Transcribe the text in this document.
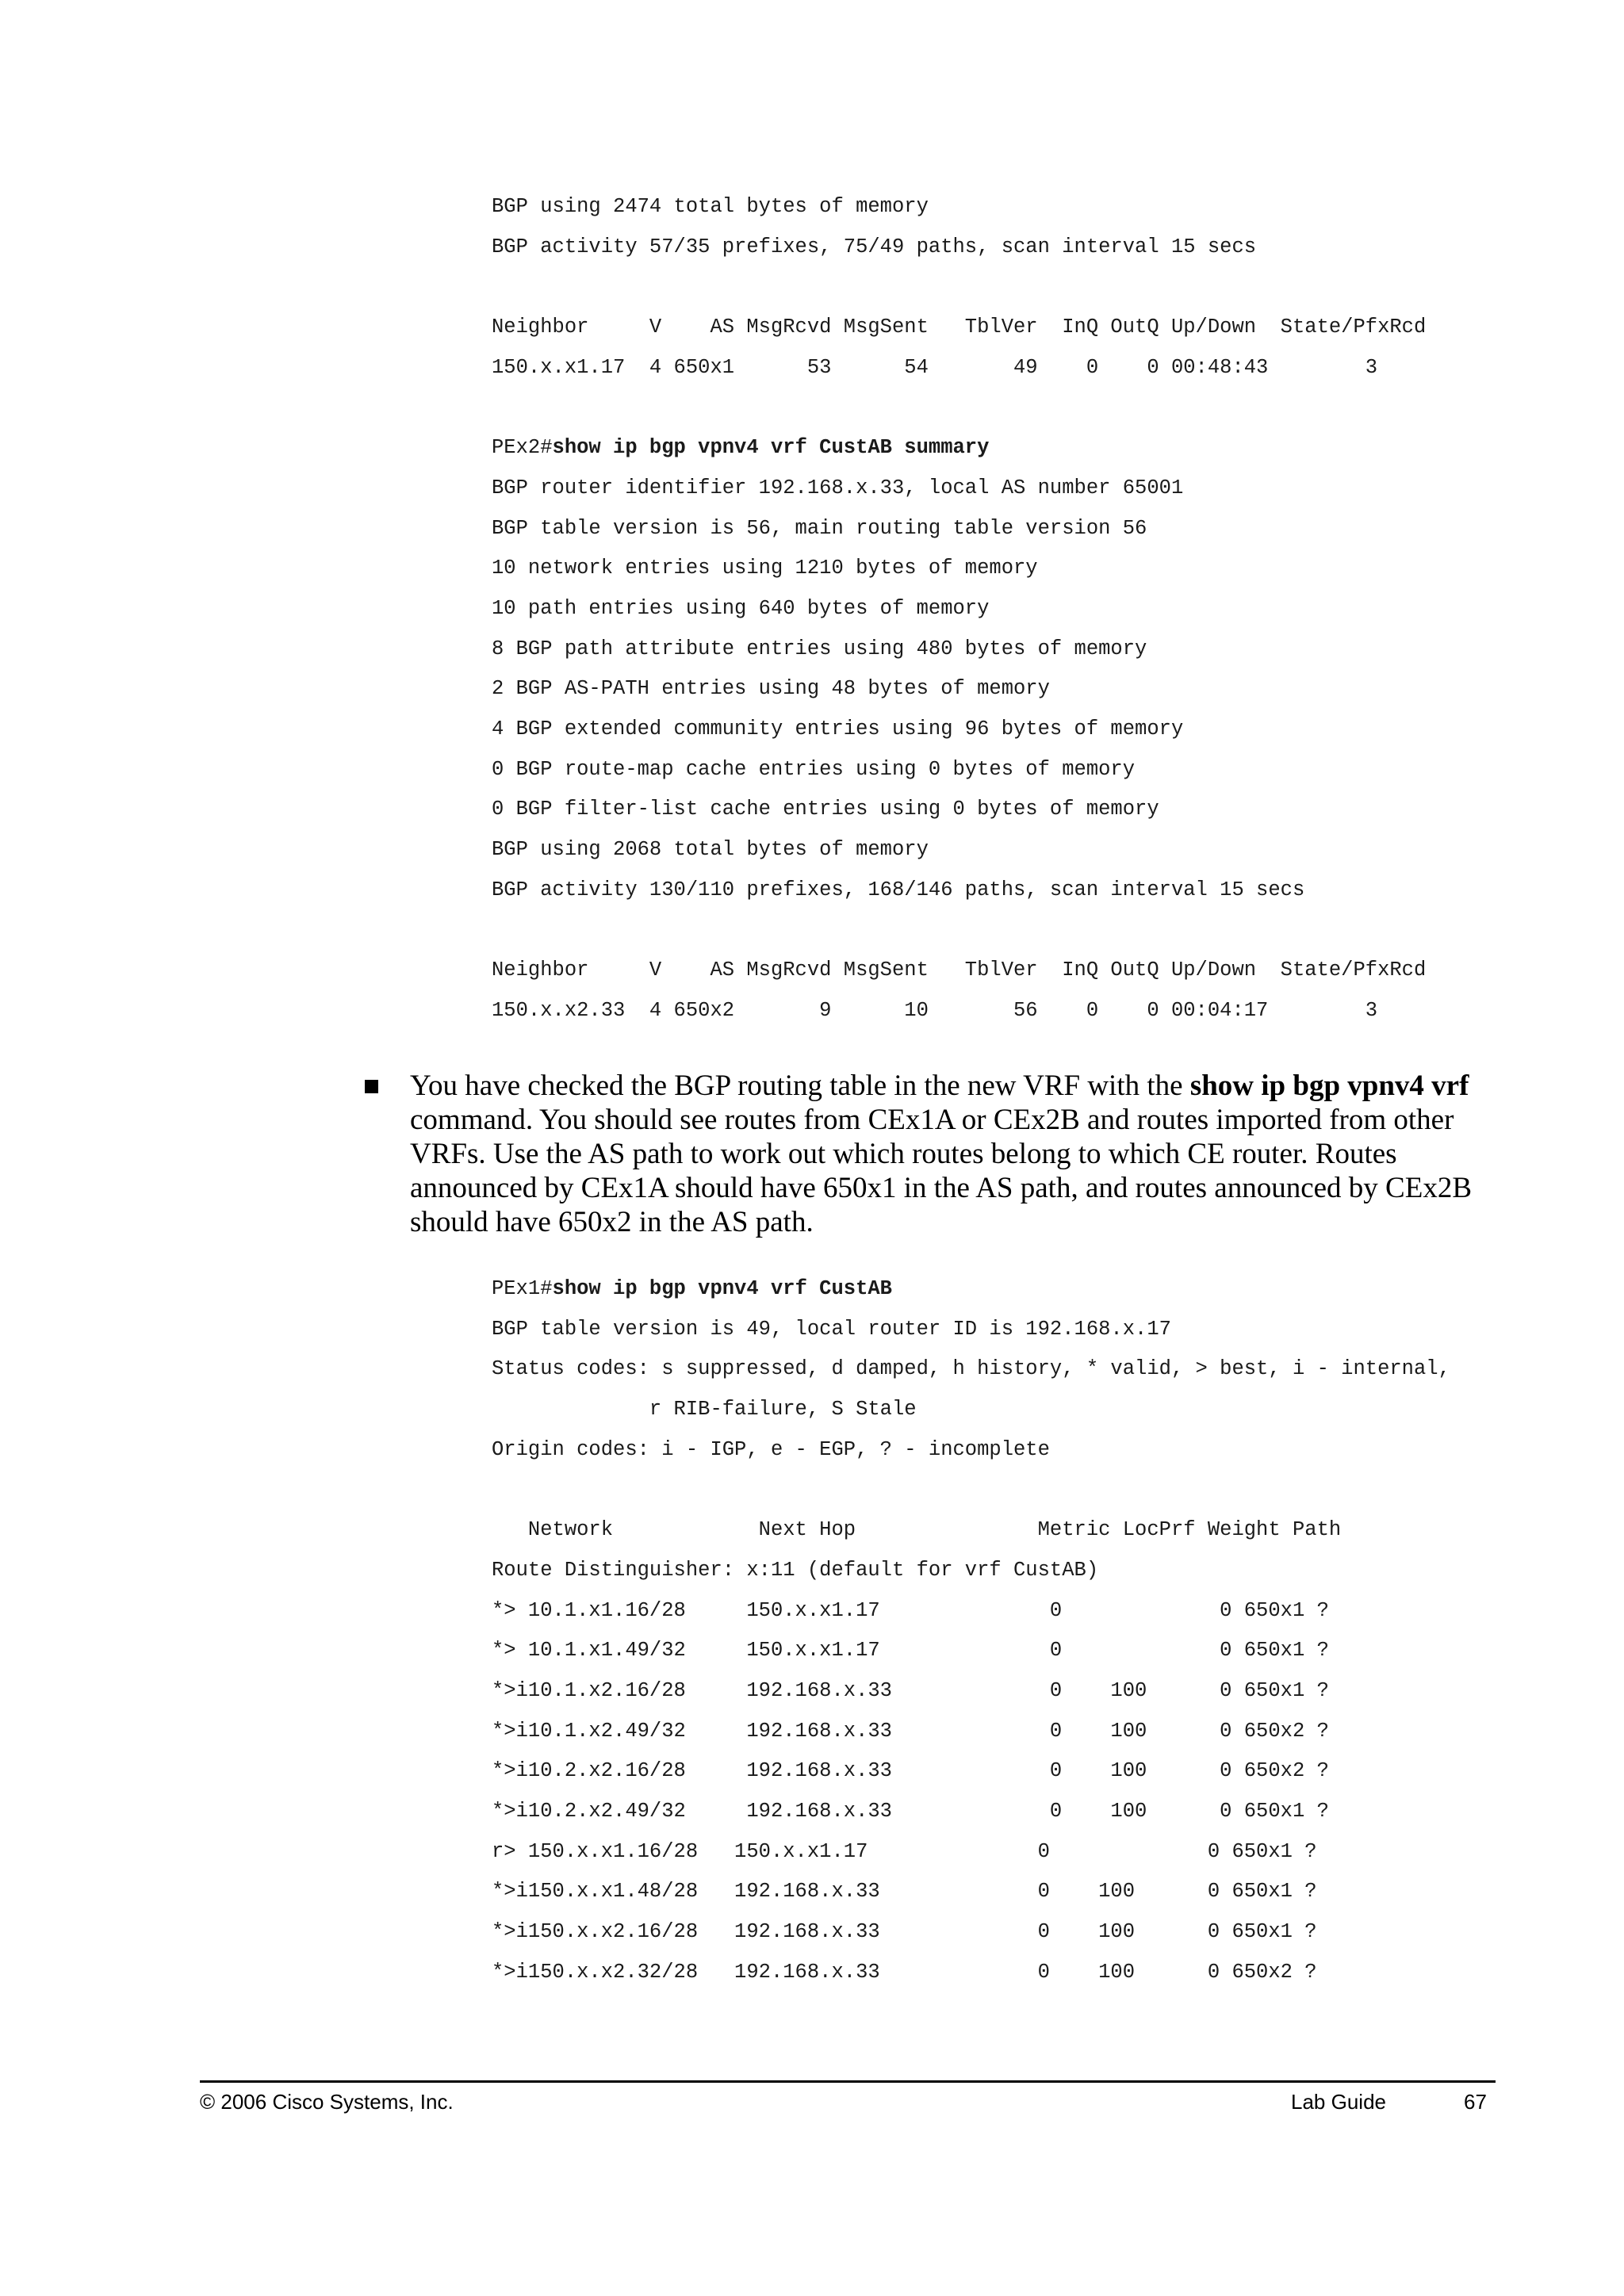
BGP using 2474 total bytes of memory
BGP activity 57/35 prefixes, 75/49 paths, scan interval 15 secs
Neighbor     V    AS MsgRcvd MsgSent   TblVer  InQ OutQ Up/Down  State/PfxRcd
150.x.x1.17  4 650x1      53      54       49    0    0 00:48:43        3
PEx2#show ip bgp vpnv4 vrf CustAB summary
BGP router identifier 192.168.x.33, local AS number 65001
BGP table version is 56, main routing table version 56
10 network entries using 1210 bytes of memory
10 path entries using 640 bytes of memory
8 BGP path attribute entries using 480 bytes of memory
2 BGP AS-PATH entries using 48 bytes of memory
4 BGP extended community entries using 96 bytes of memory
0 BGP route-map cache entries using 0 bytes of memory
0 BGP filter-list cache entries using 0 bytes of memory
BGP using 2068 total bytes of memory
BGP activity 130/110 prefixes, 168/146 paths, scan interval 15 secs
Neighbor     V    AS MsgRcvd MsgSent   TblVer  InQ OutQ Up/Down  State/PfxRcd
150.x.x2.33  4 650x2       9      10       56    0    0 00:04:17        3
You have checked the BGP routing table in the new VRF with the show ip bgp vpnv4 vrf
command. You should see routes from CEx1A or CEx2B and routes imported from other
VRFs. Use the AS path to work out which routes belong to which CE router. Routes
announced by CEx1A should have 650x1 in the AS path, and routes announced by CEx2B
should have 650x2 in the AS path.
PEx1#show ip bgp vpnv4 vrf CustAB
BGP table version is 49, local router ID is 192.168.x.17
Status codes: s suppressed, d damped, h history, * valid, > best, i - internal,
r RIB-failure, S Stale
Origin codes: i - IGP, e - EGP, ? - incomplete
Network            Next Hop               Metric LocPrf Weight Path
Route Distinguisher: x:11 (default for vrf CustAB)
*> 10.1.x1.16/28     150.x.x1.17              0             0 650x1 ?
*> 10.1.x1.49/32     150.x.x1.17              0             0 650x1 ?
*>i10.1.x2.16/28     192.168.x.33             0    100      0 650x1 ?
*>i10.1.x2.49/32     192.168.x.33             0    100      0 650x2 ?
*>i10.2.x2.16/28     192.168.x.33             0    100      0 650x2 ?
*>i10.2.x2.49/32     192.168.x.33             0    100      0 650x1 ?
r> 150.x.x1.16/28   150.x.x1.17              0             0 650x1 ?
*>i150.x.x1.48/28   192.168.x.33             0    100      0 650x1 ?
*>i150.x.x2.16/28   192.168.x.33             0    100      0 650x1 ?
*>i150.x.x2.32/28   192.168.x.33             0    100      0 650x2 ?
© 2006 Cisco Systems, Inc.	Lab Guide	67
